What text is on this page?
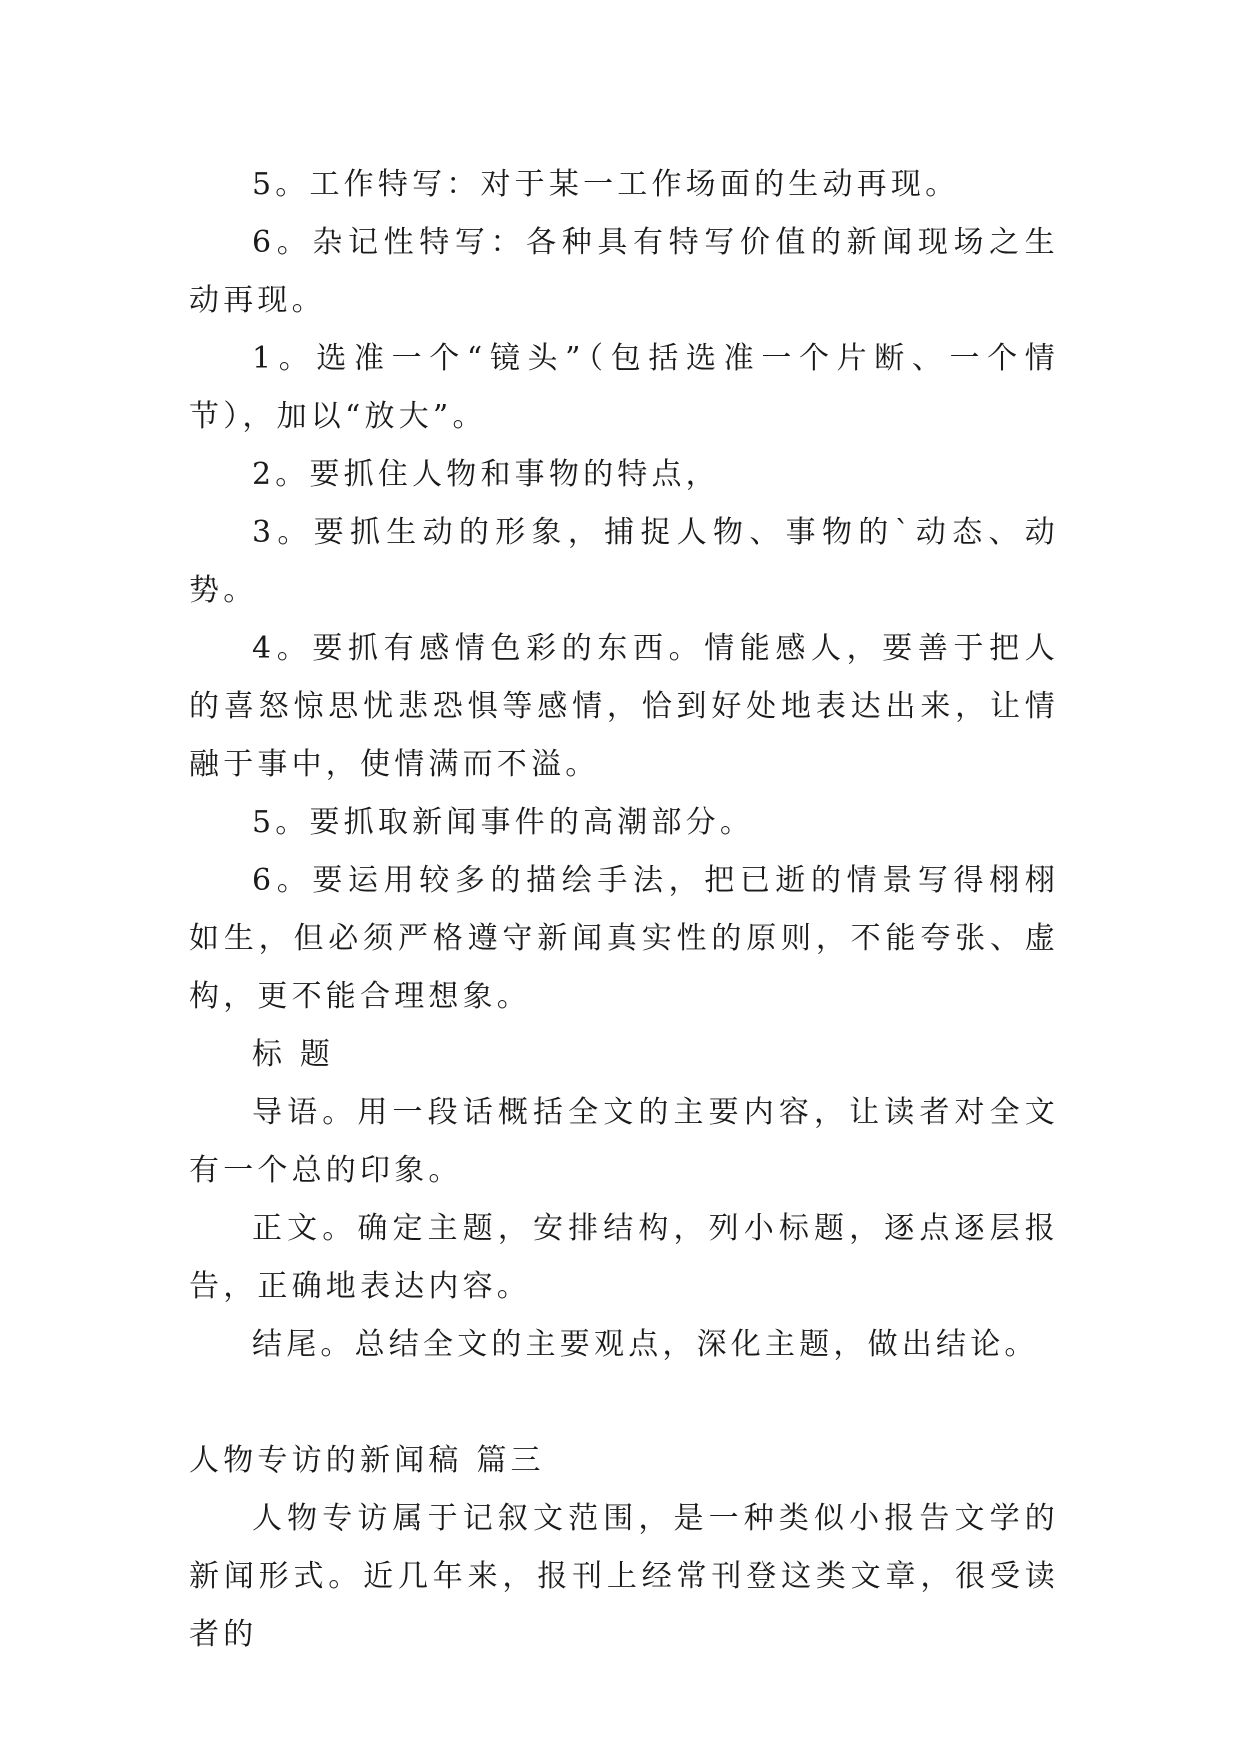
5。工作特写：对于某一工作场面的生动再现。

6。杂记性特写：各种具有特写价值的新闻现场之生动再现。

1。选准一个“镜头”（包括选准一个片断、一个情节），加以“放大”。

2。要抓住人物和事物的特点，

3。要抓生动的形象，捕捉人物、事物的`动态、动势。

4。要抓有感情色彩的东西。情能感人，要善于把人的喜怒惊思忧悲恐惧等感情，恰到好处地表达出来，让情融于事中，使情满而不溢。

5。要抓取新闻事件的高潮部分。

6。要运用较多的描绘手法，把已逝的情景写得栩栩如生，但必须严格遵守新闻真实性的原则，不能夸张、虚构，更不能合理想象。

标 题

导语。用一段话概括全文的主要内容，让读者对全文有一个总的印象。

正文。确定主题，安排结构，列小标题，逐点逐层报告，正确地表达内容。

结尾。总结全文的主要观点，深化主题，做出结论。

人物专访的新闻稿 篇三

人物专访属于记叙文范围，是一种类似小报告文学的新闻形式。近几年来，报刊上经常刊登这类文章，很受读者的
